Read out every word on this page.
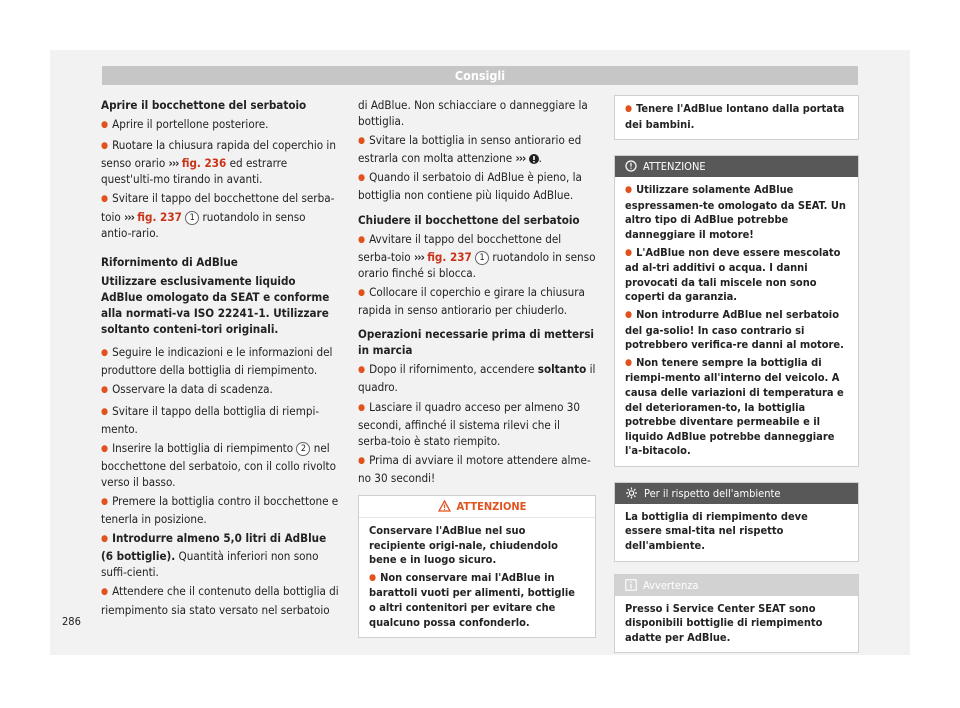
Consigli

Aprire il bocchettone del serbatoio

● Aprire il portellone posteriore.

● Ruotare la chiusura rapida del coperchio in senso orario ››› fig. 236 ed estrarre quest'ulti-mo tirando in avanti.

● Svitare il tappo del bocchettone del serba-toio ››› fig. 237 1 ruotandolo in senso antio-rario.

Rifornimento di AdBlue

Utilizzare esclusivamente liquido AdBlue omologato da SEAT e conforme alla normati-va ISO 22241-1. Utilizzare soltanto conteni-tori originali.

● Seguire le indicazioni e le informazioni del produttore della bottiglia di riempimento.

● Osservare la data di scadenza.

● Svitare il tappo della bottiglia di riempi-mento.

● Inserire la bottiglia di riempimento 2 nel bocchettone del serbatoio, con il collo rivolto verso il basso.

● Premere la bottiglia contro il bocchettone e tenerla in posizione.

● Introdurre almeno 5,0 litri di AdBlue (6 bottiglie). Quantità inferiori non sono suffi-cienti.

● Attendere che il contenuto della bottiglia di riempimento sia stato versato nel serbatoio

di AdBlue. Non schiacciare o danneggiare la bottiglia.

● Svitare la bottiglia in senso antiorario ed estrarla con molta attenzione ››› .

● Quando il serbatoio di AdBlue è pieno, la bottiglia non contiene più liquido AdBlue.

Chiudere il bocchettone del serbatoio

● Avvitare il tappo del bocchettone del serba-toio ››› fig. 237 1 ruotandolo in senso orario finché si blocca.

● Collocare il coperchio e girare la chiusura rapida in senso antiorario per chiuderlo.

Operazioni necessarie prima di mettersi in marcia

● Dopo il rifornimento, accendere soltanto il quadro.

● Lasciare il quadro acceso per almeno 30 secondi, affinché il sistema rilevi che il serba-toio è stato riempito.

● Prima di avviare il motore attendere alme-no 30 secondi!

ATTENZIONE

Conservare l'AdBlue nel suo recipiente origi-nale, chiudendolo bene e in luogo sicuro.

● Non conservare mai l'AdBlue in barattoli vuoti per alimenti, bottiglie o altri contenitori per evitare che qualcuno possa confonderlo.

● Tenere l'AdBlue lontano dalla portata dei bambini.

ATTENZIONE

● Utilizzare solamente AdBlue espressamen-te omologato da SEAT. Un altro tipo di AdBlue potrebbe danneggiare il motore!

● L'AdBlue non deve essere mescolato ad al-tri additivi o acqua. I danni provocati da tali miscele non sono coperti da garanzia.

● Non introdurre AdBlue nel serbatoio del ga-solio! In caso contrario si potrebbero verifica-re danni al motore.

● Non tenere sempre la bottiglia di riempi-mento all'interno del veicolo. A causa delle variazioni di temperatura e del deterioramen-to, la bottiglia potrebbe diventare permeabile e il liquido AdBlue potrebbe danneggiare l'a-bitacolo.

Per il rispetto dell'ambiente
La bottiglia di riempimento deve essere smal-tita nel rispetto dell'ambiente.
Avvertenza
Presso i Service Center SEAT sono disponibili bottiglie di riempimento adatte per AdBlue.
286
